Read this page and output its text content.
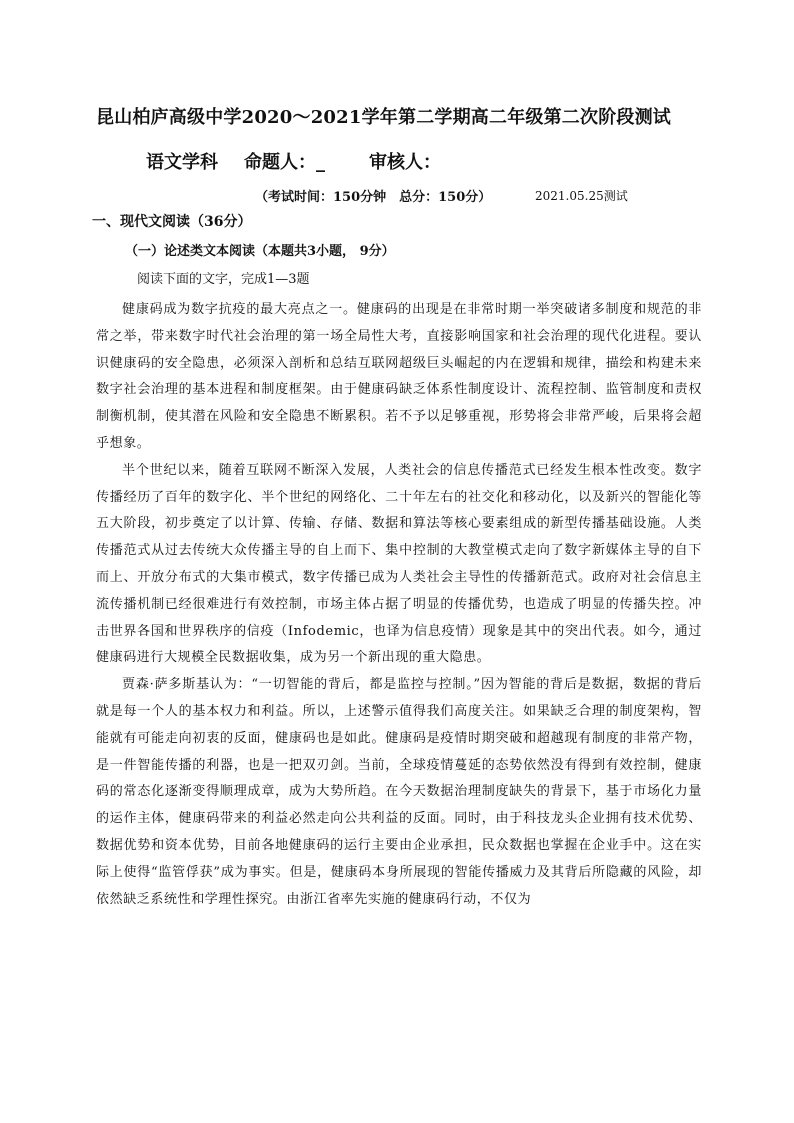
昆山柏庐高级中学2020～2021学年第二学期高二年级第二次阶段测试
语文学科 命题人：_ 审核人：
（考试时间：150分钟　总分：150分）	2021.05.25测试
一、现代文阅读（36分）
（一）论述类文本阅读（本题共3小题， 9分）
阅读下面的文字，完成1—3题

健康码成为数字抗疫的最大亮点之一。健康码的出现是在非常时期一举突破诸多制度和规范的非常之举，带来数字时代社会治理的第一场全局性大考，直接影响国家和社会治理的现代化进程。要认识健康码的安全隐患，必须深入剖析和总结互联网超级巨头崛起的内在逻辑和规律，描绘和构建未来数字社会治理的基本进程和制度框架。由于健康码缺乏体系性制度设计、流程控制、监管制度和责权制衡机制，使其潜在风险和安全隐患不断累积。若不予以足够重视，形势将会非常严峻，后果将会超乎想象。

半个世纪以来，随着互联网不断深入发展，人类社会的信息传播范式已经发生根本性改变。数字传播经历了百年的数字化、半个世纪的网络化、二十年左右的社交化和移动化，以及新兴的智能化等五大阶段，初步奠定了以计算、传输、存储、数据和算法等核心要素组成的新型传播基础设施。人类传播范式从过去传统大众传播主导的自上而下、集中控制的大教堂模式走向了数字新媒体主导的自下而上、开放分布式的大集市模式，数字传播已成为人类社会主导性的传播新范式。政府对社会信息主流传播机制已经很难进行有效控制，市场主体占据了明显的传播优势，也造成了明显的传播失控。冲击世界各国和世界秩序的信疫（Infodemic，也译为信息疫情）现象是其中的突出代表。如今，通过健康码进行大规模全民数据收集，成为另一个新出现的重大隐患。

贾森·萨多斯基认为：“一切智能的背后，都是监控与控制。”因为智能的背后是数据，数据的背后就是每一个人的基本权力和利益。所以，上述警示值得我们高度关注。如果缺乏合理的制度架构，智能就有可能走向初衷的反面，健康码也是如此。健康码是疫情时期突破和超越现有制度的非常产物，是一件智能传播的利器，也是一把双刃剑。当前，全球疫情蔓延的态势依然没有得到有效控制，健康码的常态化逐渐变得顺理成章，成为大势所趋。在今天数据治理制度缺失的背景下，基于市场化力量的运作主体，健康码带来的利益必然走向公共利益的反面。同时，由于科技龙头企业拥有技术优势、数据优势和资本优势，目前各地健康码的运行主要由企业承担，民众数据也掌握在企业手中。这在实际上使得“监管俘获”成为事实。但是，健康码本身所展现的智能传播威力及其背后所隐藏的风险，却依然缺乏系统性和学理性探究。由浙江省率先实施的健康码行动，不仅为
